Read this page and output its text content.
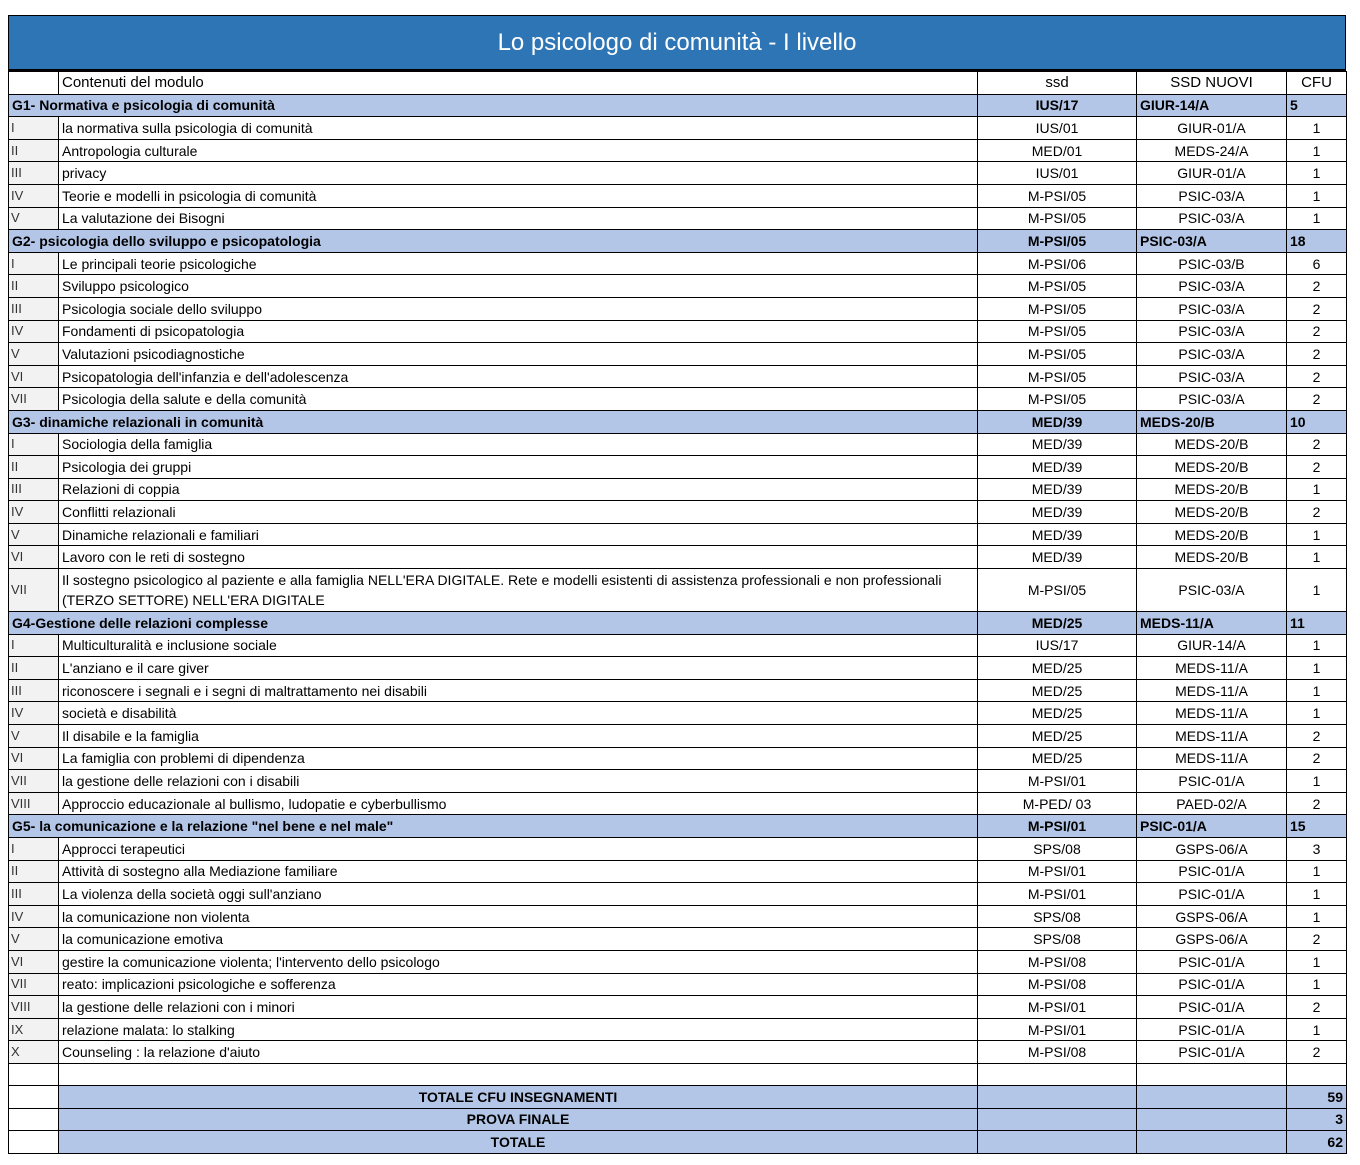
Lo psicologo di comunità - I livello
	Contenuti del modulo	ssd	SSD NUOVI	CFU
G1- Normativa e psicologia di comunità		IUS/17	GIUR-14/A	5
I	la normativa sulla psicologia di comunità	IUS/01	GIUR-01/A	1
II	Antropologia culturale	MED/01	MEDS-24/A	1
III	privacy	IUS/01	GIUR-01/A	1
IV	Teorie e modelli in psicologia di comunità	M-PSI/05	PSIC-03/A	1
V	La valutazione dei Bisogni	M-PSI/05	PSIC-03/A	1
G2- psicologia dello sviluppo e psicopatologia		M-PSI/05	PSIC-03/A	18
I	Le principali teorie psicologiche	M-PSI/06	PSIC-03/B	6
II	Sviluppo psicologico	M-PSI/05	PSIC-03/A	2
III	Psicologia sociale dello sviluppo	M-PSI/05	PSIC-03/A	2
IV	Fondamenti di psicopatologia	M-PSI/05	PSIC-03/A	2
V	Valutazioni psicodiagnostiche	M-PSI/05	PSIC-03/A	2
VI	Psicopatologia dell'infanzia e dell'adolescenza	M-PSI/05	PSIC-03/A	2
VII	Psicologia della salute e della comunità	M-PSI/05	PSIC-03/A	2
G3- dinamiche relazionali in comunità		MED/39	MEDS-20/B	10
I	Sociologia della famiglia	MED/39	MEDS-20/B	2
II	Psicologia dei gruppi	MED/39	MEDS-20/B	2
III	Relazioni di coppia	MED/39	MEDS-20/B	1
IV	Conflitti relazionali	MED/39	MEDS-20/B	2
V	Dinamiche relazionali e familiari	MED/39	MEDS-20/B	1
VI	Lavoro con le reti di sostegno	MED/39	MEDS-20/B	1
VII	Il sostegno psicologico al paziente e alla famiglia NELL'ERA DIGITALE. Rete e modelli esistenti di assistenza professionali e non professionali (TERZO SETTORE) NELL'ERA DIGITALE	M-PSI/05	PSIC-03/A	1
G4-Gestione delle relazioni complesse		MED/25	MEDS-11/A	11
I	Multiculturalità e inclusione sociale	IUS/17	GIUR-14/A	1
II	L'anziano e il care giver	MED/25	MEDS-11/A	1
III	riconoscere i segnali e i segni di maltrattamento nei disabili	MED/25	MEDS-11/A	1
IV	società e disabilità	MED/25	MEDS-11/A	1
V	Il disabile e la famiglia	MED/25	MEDS-11/A	2
VI	La famiglia con problemi di dipendenza	MED/25	MEDS-11/A	2
VII	la gestione delle relazioni con i disabili	M-PSI/01	PSIC-01/A	1
VIII	Approccio educazionale al bullismo, ludopatie e cyberbullismo	M-PED/ 03	PAED-02/A	2
G5- la comunicazione e la relazione "nel bene e nel male"		M-PSI/01	PSIC-01/A	15
I	Approcci terapeutici	SPS/08	GSPS-06/A	3
II	Attività di sostegno alla Mediazione familiare	M-PSI/01	PSIC-01/A	1
III	La violenza della società oggi sull'anziano	M-PSI/01	PSIC-01/A	1
IV	la comunicazione non violenta	SPS/08	GSPS-06/A	1
V	la comunicazione emotiva	SPS/08	GSPS-06/A	2
VI	gestire la comunicazione violenta; l'intervento dello psicologo	M-PSI/08	PSIC-01/A	1
VII	reato: implicazioni psicologiche e sofferenza	M-PSI/08	PSIC-01/A	1
VIII	la gestione delle relazioni con i minori	M-PSI/01	PSIC-01/A	2
IX	relazione malata: lo stalking	M-PSI/01	PSIC-01/A	1
X	Counseling : la relazione d'aiuto	M-PSI/08	PSIC-01/A	2

	TOTALE CFU INSEGNAMENTI			59
	PROVA FINALE			3
	TOTALE			62
